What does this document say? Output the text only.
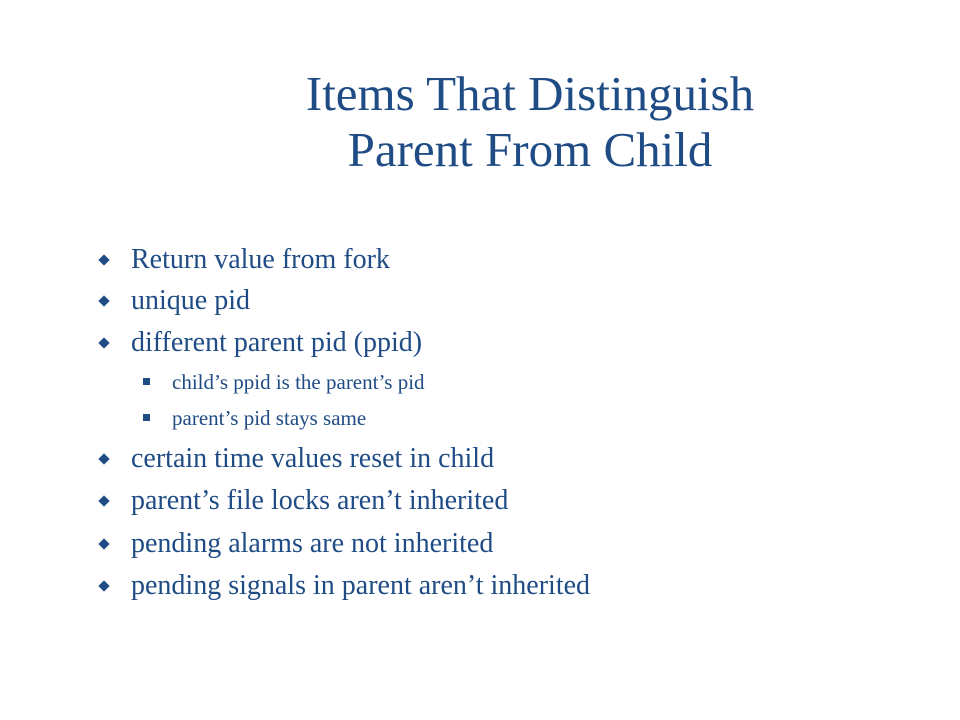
Items That Distinguish
Parent From Child
Return value from fork
unique pid
different parent pid (ppid)
child’s ppid is the parent’s pid
parent’s pid stays same
certain time values reset in child
parent’s file locks aren’t inherited
pending alarms are not inherited
pending signals in parent aren’t inherited
